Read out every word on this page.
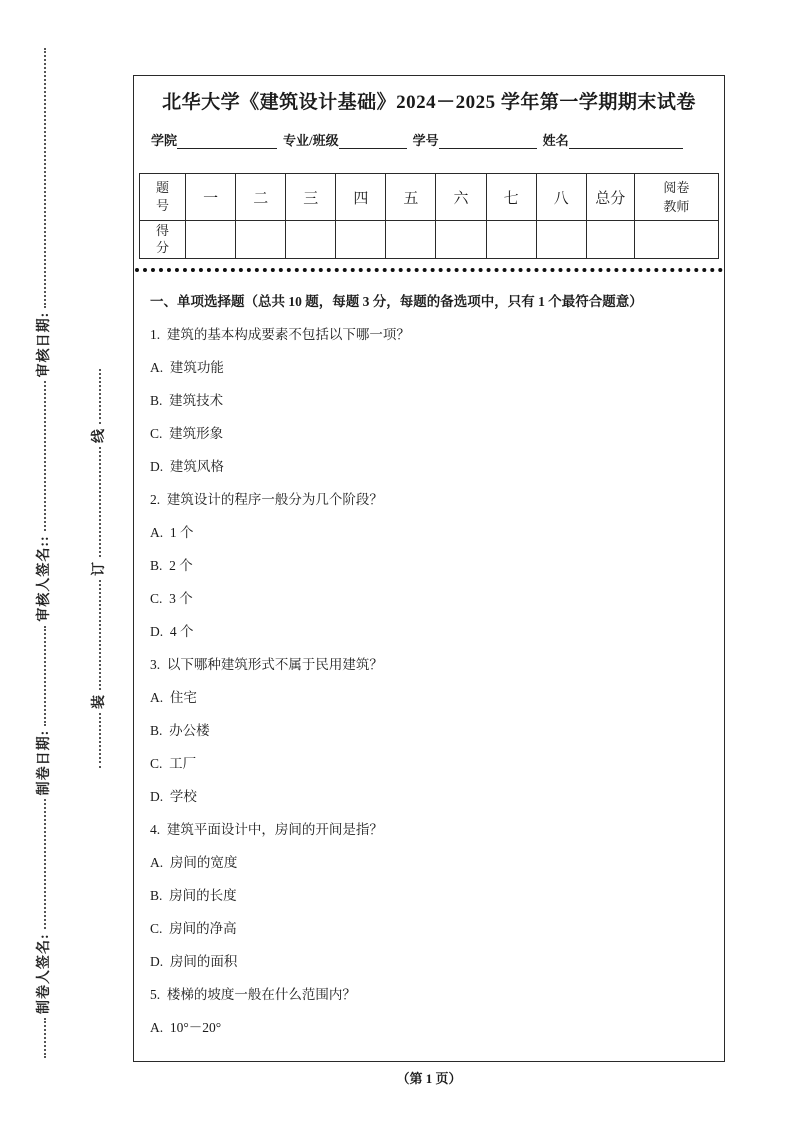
制卷人签名:制卷日期:审核人签名::审核日期:
装订线
北华大学《建筑设计基础》2024－2025 学年第一学期期末试卷
学院	专业/班级	学号	姓名
题号	一	二	三	四	五	六	七	八	总分	阅卷教师
得分										

一、单项选择题（总共 10 题，每题 3 分，每题的备选项中，只有 1 个最符合题意）

1.  建筑的基本构成要素不包括以下哪一项？

A.  建筑功能

B.  建筑技术

C.  建筑形象

D.  建筑风格

2.  建筑设计的程序一般分为几个阶段？

A.  1 个

B.  2 个

C.  3 个

D.  4 个

3.  以下哪种建筑形式不属于民用建筑？

A.  住宅

B.  办公楼

C.  工厂

D.  学校

4.  建筑平面设计中，房间的开间是指？

A.  房间的宽度

B.  房间的长度

C.  房间的净高

D.  房间的面积

5.  楼梯的坡度一般在什么范围内？

A.  10°－20°

（第 1 页）
